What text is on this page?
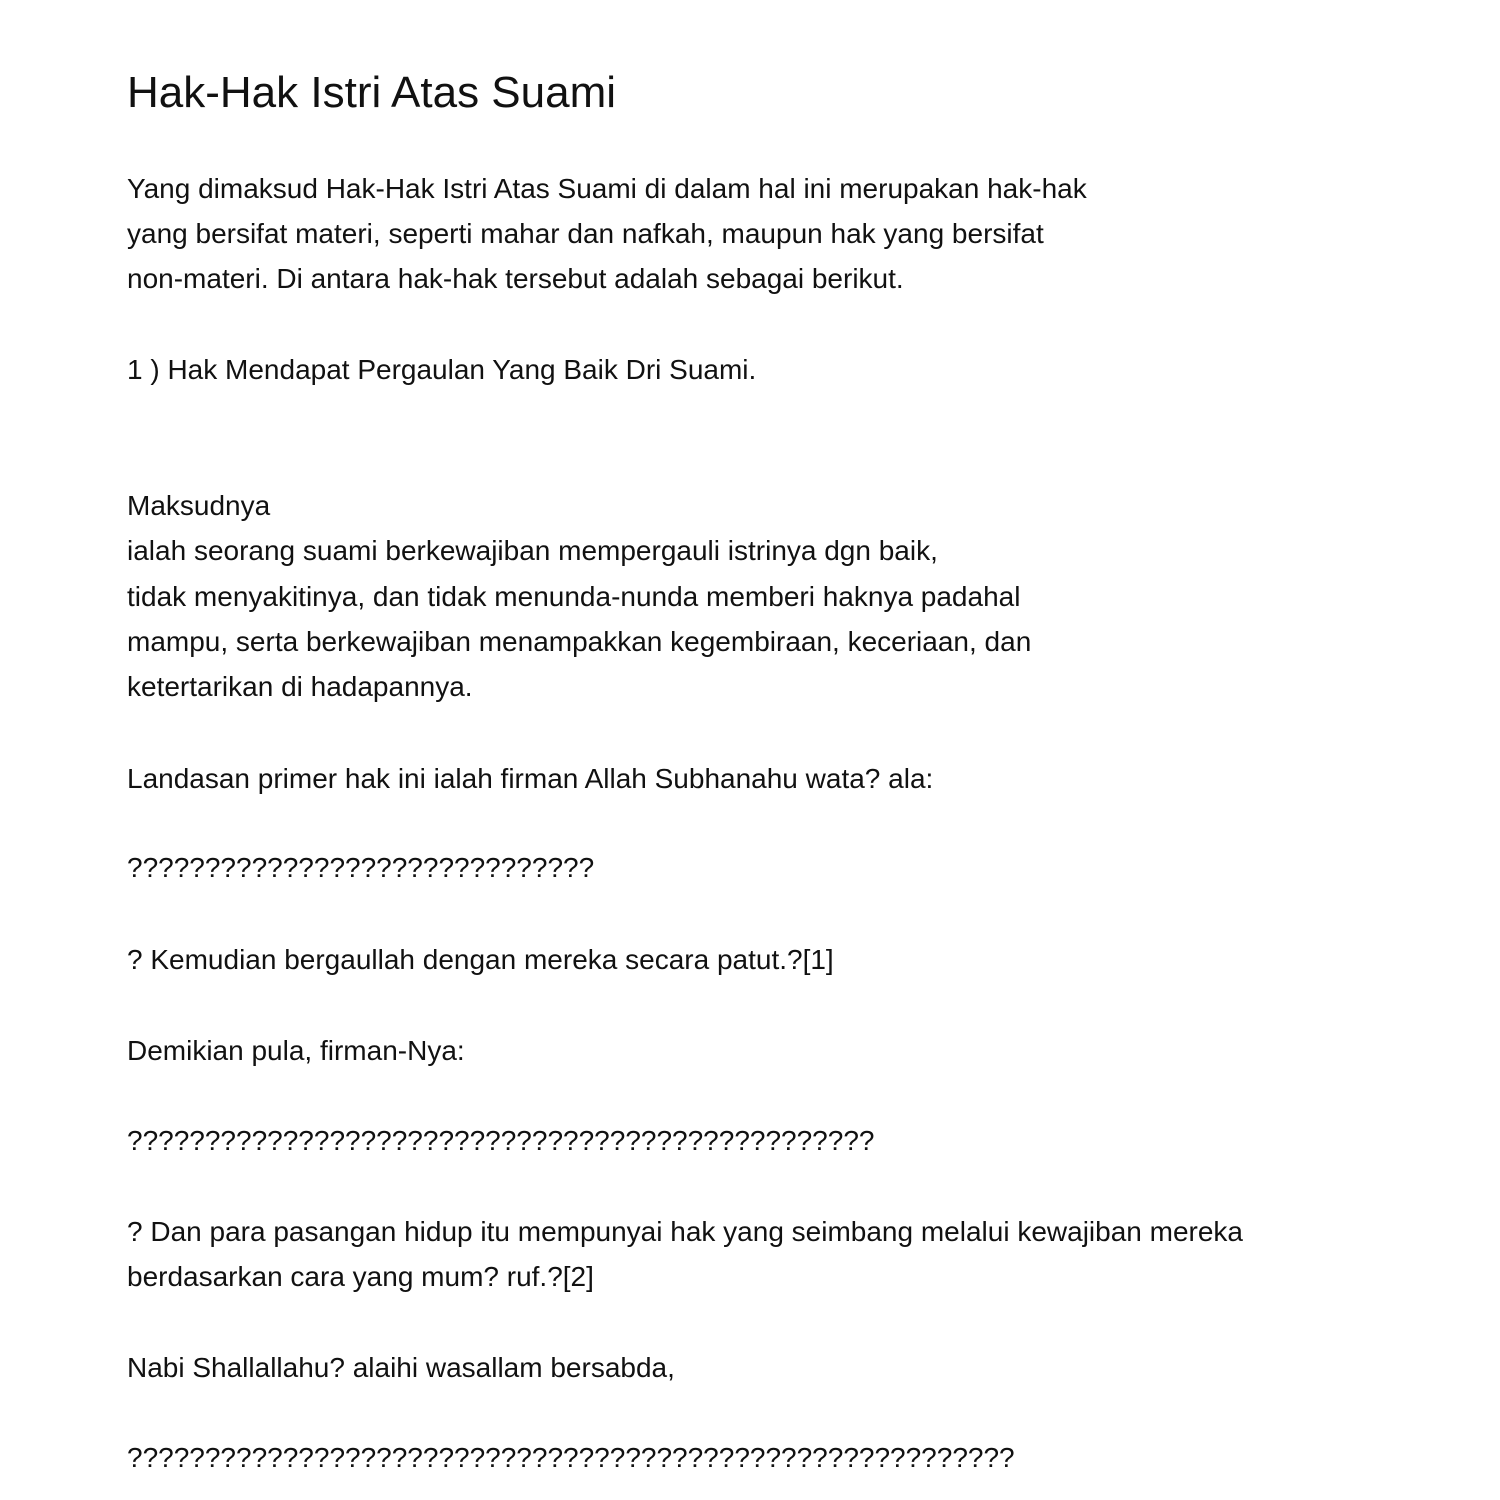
Hak-Hak Istri Atas Suami
Yang dimaksud Hak-Hak Istri Atas Suami di dalam hal ini merupakan hak-hak
yang bersifat materi, seperti mahar dan nafkah, maupun hak yang bersifat
non-materi. Di antara hak-hak tersebut adalah sebagai berikut.
1 ) Hak Mendapat Pergaulan Yang Baik Dri Suami.
Maksudnya
ialah seorang suami berkewajiban mempergauli istrinya dgn baik,
tidak menyakitinya, dan tidak menunda-nunda memberi haknya padahal
mampu, serta berkewajiban menampakkan kegembiraan, keceriaan, dan
ketertarikan di hadapannya.
Landasan primer hak ini ialah firman Allah Subhanahu wata? ala:
??????????????????????????????
? Kemudian bergaullah dengan mereka secara patut.?[1]
Demikian pula, firman-Nya:
????????????????????????????????????????????????
? Dan para pasangan hidup itu mempunyai hak yang seimbang melalui kewajiban mereka
berdasarkan cara yang mum? ruf.?[2]
Nabi Shallallahu? alaihi wasallam bersabda,
?????????????????????????????????????????????????????????
